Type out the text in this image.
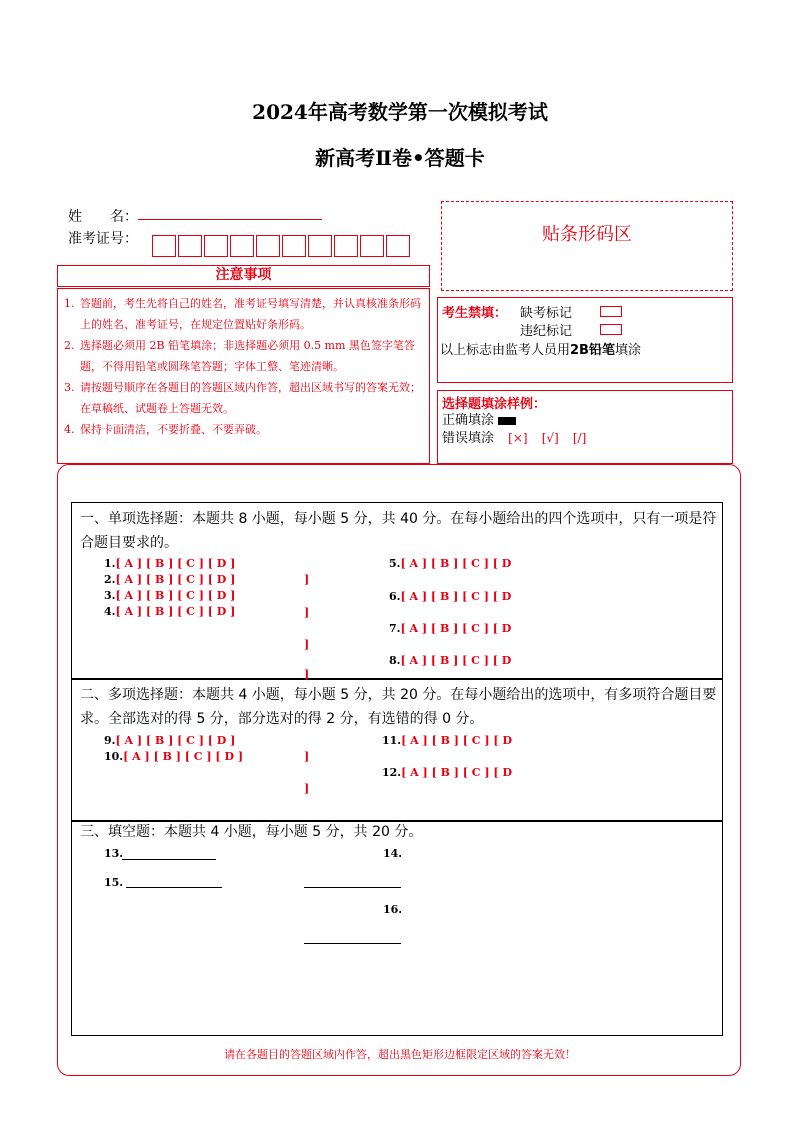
2024年高考数学第一次模拟考试
新高考Ⅱ卷•答题卡
姓　　名：
准考证号：	贴条形码区
注意事项
1. 答题前，考生先将自己的姓名，准考证号填写清楚，并认真核准条形码上的姓名、准考证号，在规定位置贴好条形码。
2. 选择题必须用 2B 铅笔填涂；非选择题必须用 0.5 mm 黑色签字笔答题，不得用铅笔或圆珠笔答题；字体工整、笔迹清晰。
3. 请按题号顺序在各题目的答题区域内作答，超出区域书写的答案无效；在草稿纸、试题卷上答题无效。
4. 保持卡面清洁，不要折叠、不要弄破。
考生禁填： 缺考标记
违纪标记
以上标志由监考人员用2B铅笔填涂
选择题填涂样例：
正确填涂
错误填涂 [×] [√] [/]
一、单项选择题：本题共 8 小题，每小题 5 分，共 40 分。在每小题给出的四个选项中，只有一项是符
合题目要求的。
1.[ A ] [ B ] [ C ] [ D ]
2.[ A ] [ B ] [ C ] [ D ]
3.[ A ] [ B ] [ C ] [ D ]
4.[ A ] [ B ] [ C ] [ D ]
5.[ A ] [ B ] [ C ] [ D
6.[ A ] [ B ] [ C ] [ D
7.[ A ] [ B ] [ C ] [ D
8.[ A ] [ B ] [ C ] [ D
]
]
]
]
二、多项选择题：本题共 4 小题，每小题 5 分，共 20 分。在每小题给出的选项中，有多项符合题目要
求。全部选对的得 5 分，部分选对的得 2 分，有选错的得 0 分。
9.[ A ] [ B ] [ C ] [ D ]
10.[ A ] [ B ] [ C ] [ D ]
11.[ A ] [ B ] [ C ] [ D
12.[ A ] [ B ] [ C ] [ D
]
]
三、填空题：本题共 4 小题，每小题 5 分，共 20 分。
13.	14.
15.
16.
请在各题目的答题区域内作答，超出黑色矩形边框限定区域的答案无效！
